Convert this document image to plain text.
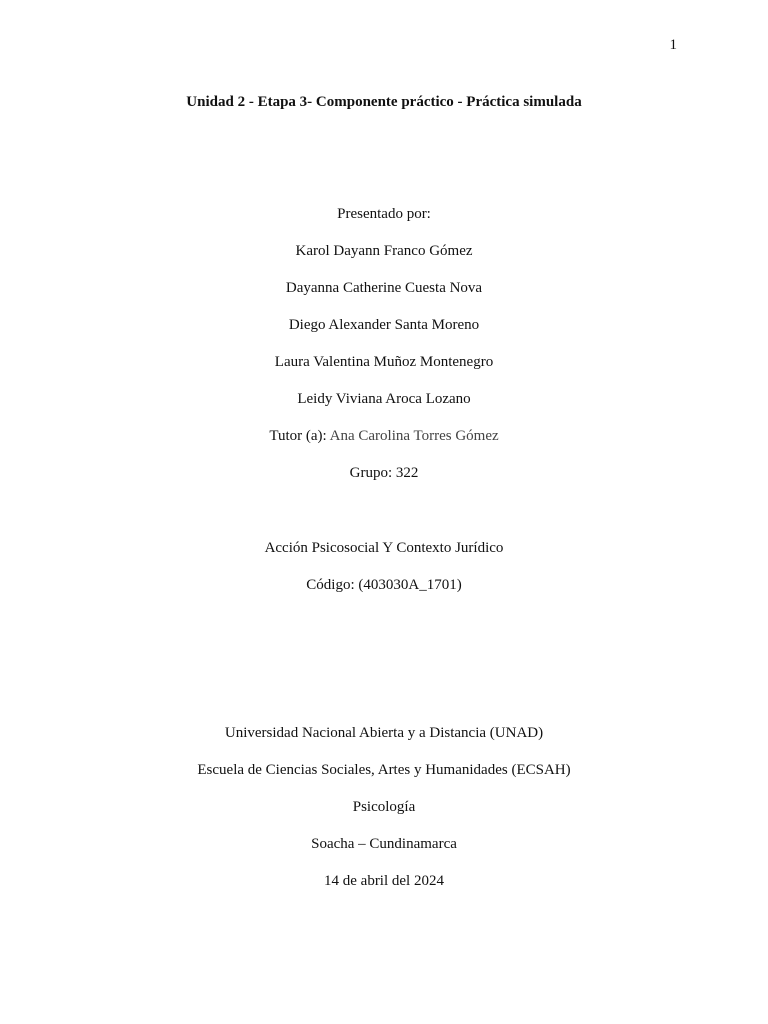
1
Unidad 2 - Etapa 3- Componente práctico - Práctica simulada
Presentado por:
Karol Dayann Franco Gómez
Dayanna Catherine Cuesta Nova
Diego Alexander Santa Moreno
Laura Valentina Muñoz Montenegro
Leidy Viviana Aroca Lozano
Tutor (a): Ana Carolina Torres Gómez
Grupo: 322
Acción Psicosocial Y Contexto Jurídico
Código: (403030A_1701)
Universidad Nacional Abierta y a Distancia (UNAD)
Escuela de Ciencias Sociales, Artes y Humanidades (ECSAH)
Psicología
Soacha – Cundinamarca
14 de abril del 2024
